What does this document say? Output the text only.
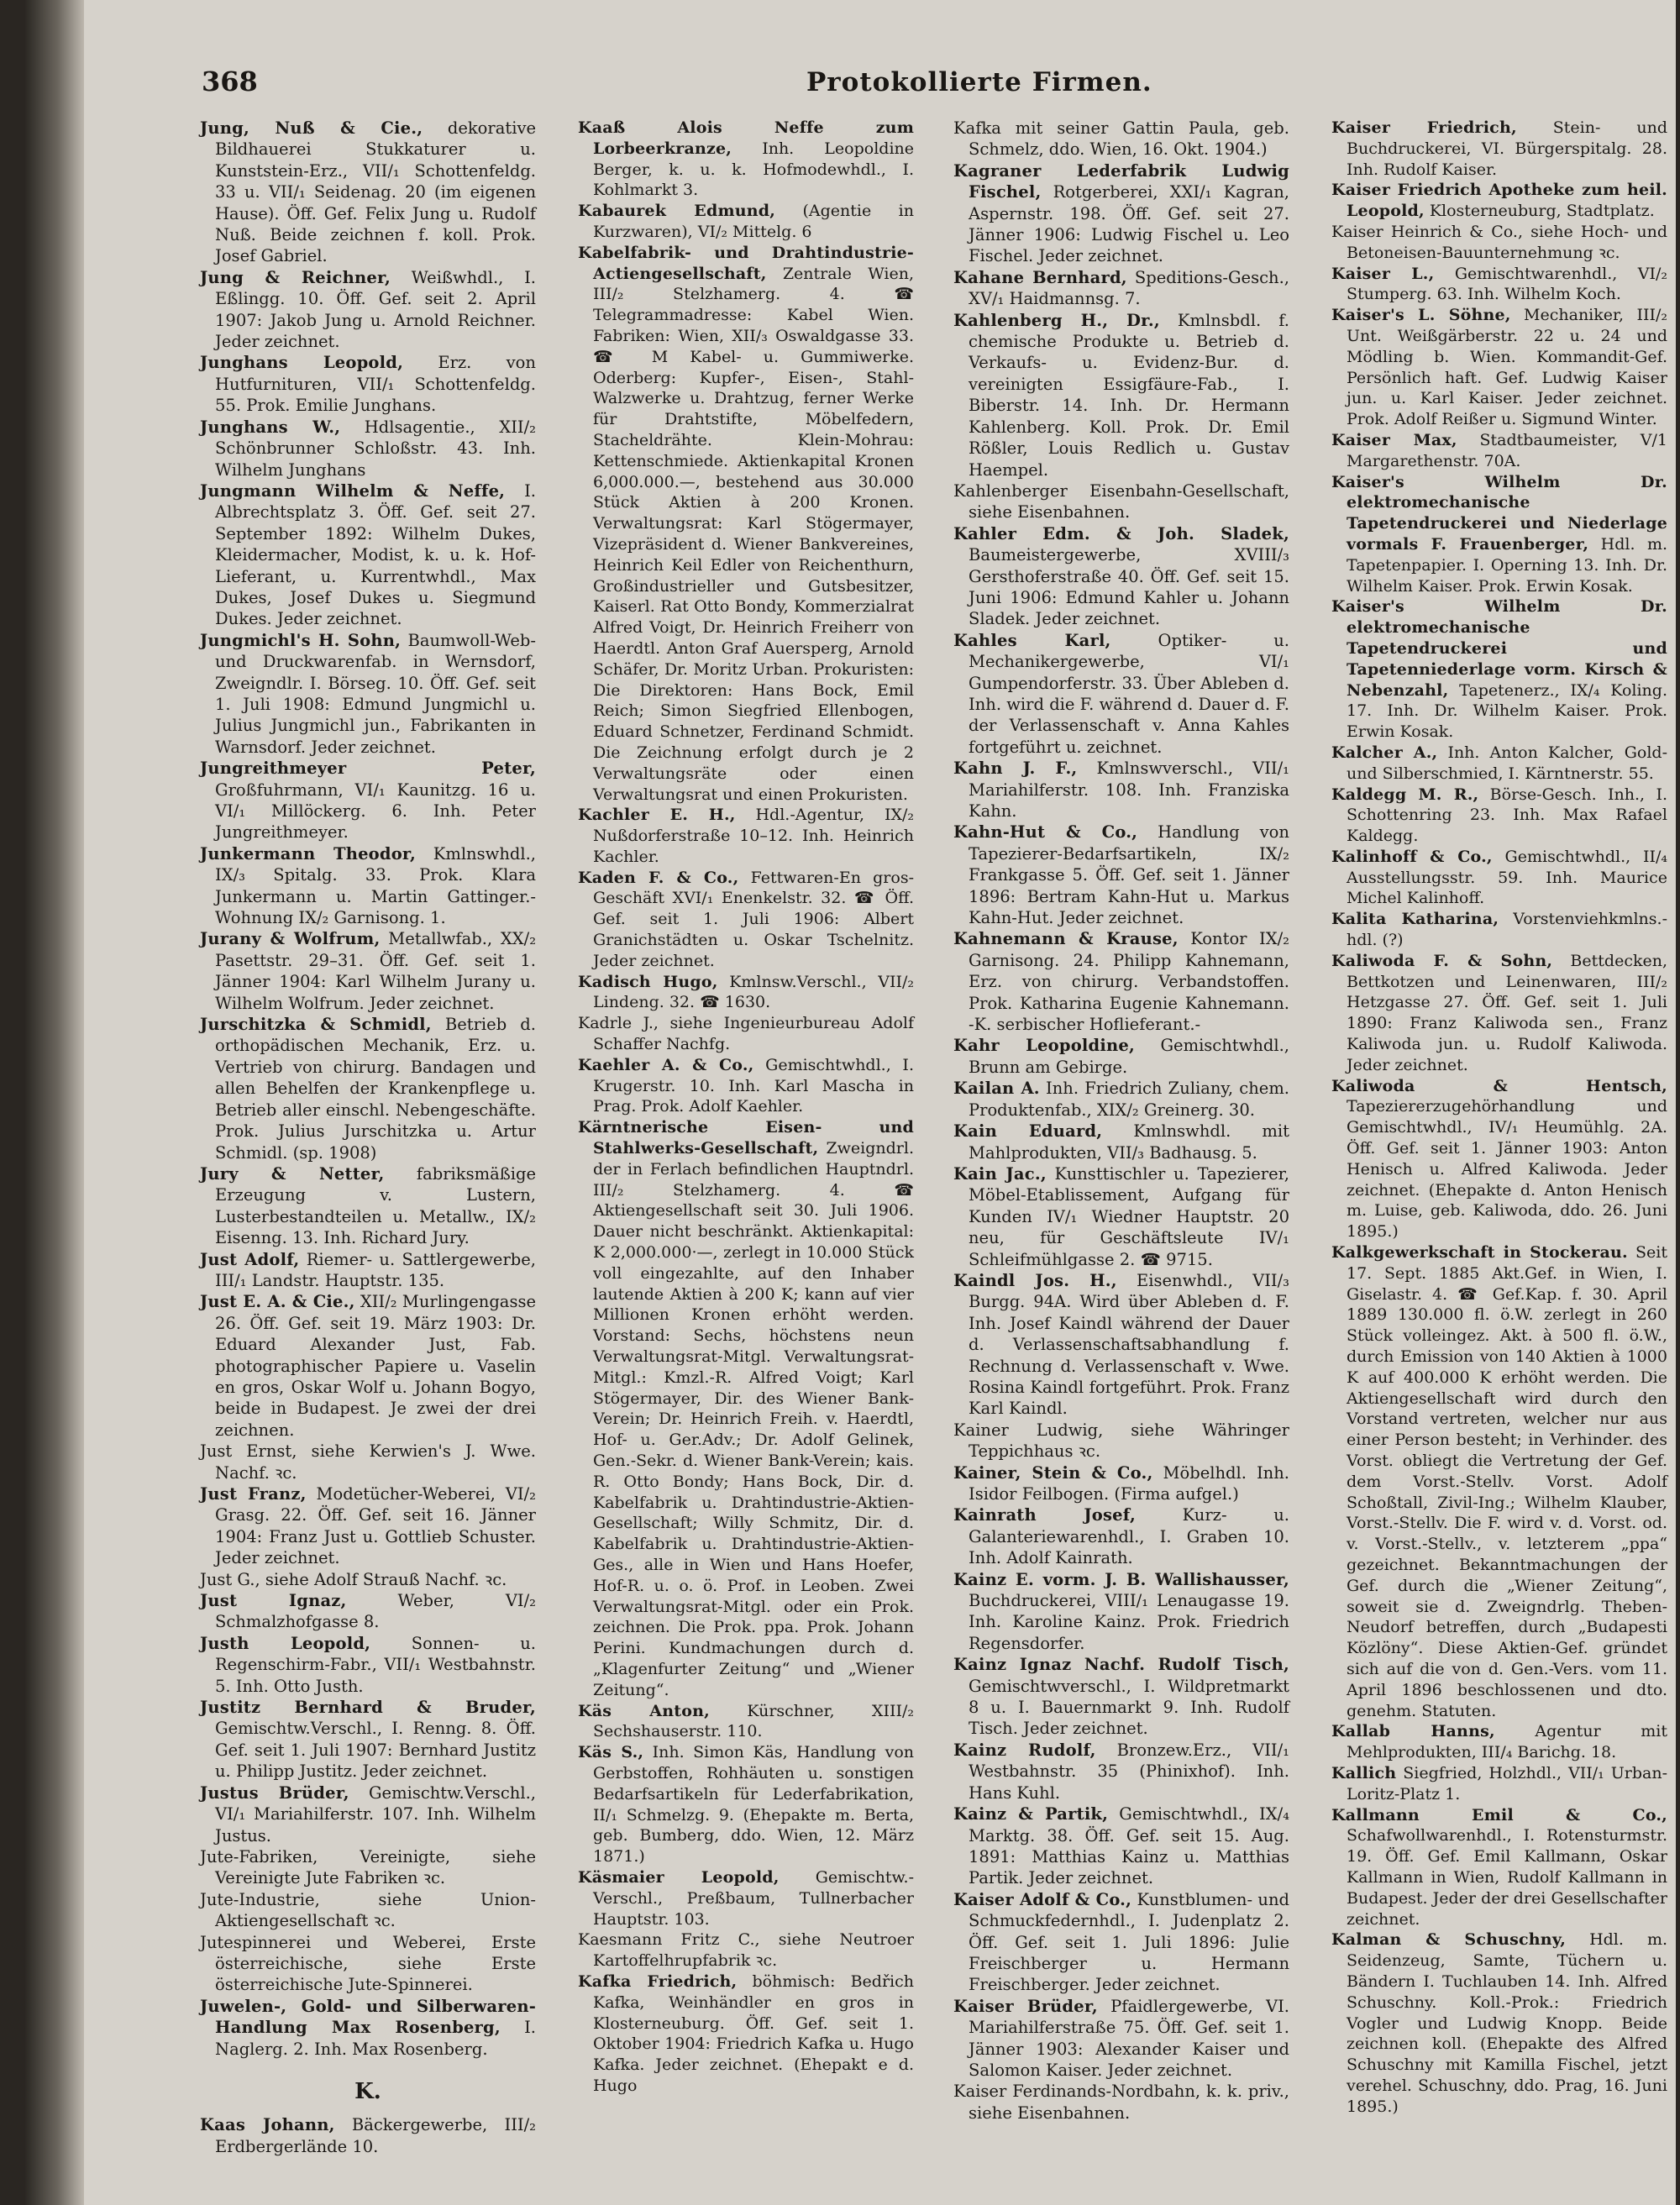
368	Protokollierte Firmen.

Jung, Nuß & Cie., dekorative Bildhauerei Stukkaturer u. Kunststein-Erz., VII/₁ Schottenfeldg. 33 u. VII/₁ Seidenag. 20 (im eigenen Hause). Öff. Gef. Felix Jung u. Rudolf Nuß. Beide zeichnen f. koll. Prok. Josef Gabriel.

Jung & Reichner, Weißwhdl., I. Eßlingg. 10. Öff. Gef. seit 2. April 1907: Jakob Jung u. Arnold Reichner. Jeder zeichnet.

Junghans Leopold, Erz. von Hutfurnituren, VII/₁ Schottenfeldg. 55. Prok. Emilie Junghans.

Junghans W., Hdlsagentie., XII/₂ Schönbrunner Schloßstr. 43. Inh. Wilhelm Junghans

Jungmann Wilhelm & Neffe, I. Albrechtsplatz 3. Öff. Gef. seit 27. September 1892: Wilhelm Dukes, Kleidermacher, Modist, k. u. k. Hof-Lieferant, u. Kurrentwhdl., Max Dukes, Josef Dukes u. Siegmund Dukes. Jeder zeichnet.

Jungmichl's H. Sohn, Baumwoll-Web- und Druckwarenfab. in Wernsdorf, Zweigndlr. I. Börseg. 10. Öff. Gef. seit 1. Juli 1908: Edmund Jungmichl u. Julius Jungmichl jun., Fabrikanten in Warnsdorf. Jeder zeichnet.

Jungreithmeyer Peter, Großfuhrmann, VI/₁ Kaunitzg. 16 u. VI/₁ Millöckerg. 6. Inh. Peter Jungreithmeyer.

Junkermann Theodor, Kmlnswhdl., IX/₃ Spitalg. 33. Prok. Klara Junkermann u. Martin Gattinger.-Wohnung IX/₂ Garnisong. 1.

Jurany & Wolfrum, Metallwfab., XX/₂ Pasettstr. 29–31. Öff. Gef. seit 1. Jänner 1904: Karl Wilhelm Jurany u. Wilhelm Wolfrum. Jeder zeichnet.

Jurschitzka & Schmidl, Betrieb d. orthopädischen Mechanik, Erz. u. Vertrieb von chirurg. Bandagen und allen Behelfen der Krankenpflege u. Betrieb aller einschl. Nebengeschäfte. Prok. Julius Jurschitzka u. Artur Schmidl. (sp. 1908)

Jury & Netter, fabriksmäßige Erzeugung v. Lustern, Lusterbestandteilen u. Metallw., IX/₂ Eisenng. 13. Inh. Richard Jury.

Just Adolf, Riemer- u. Sattlergewerbe, III/₁ Landstr. Hauptstr. 135.

Just E. A. & Cie., XII/₂ Murlingengasse 26. Öff. Gef. seit 19. März 1903: Dr. Eduard Alexander Just, Fab. photographischer Papiere u. Vaselin en gros, Oskar Wolf u. Johann Bogyo, beide in Budapest. Je zwei der drei zeichnen.

Just Ernst, siehe Kerwien's J. Wwe. Nachf. ꝛc.

Just Franz, Modetücher-Weberei, VI/₂ Grasg. 22. Öff. Gef. seit 16. Jänner 1904: Franz Just u. Gottlieb Schuster. Jeder zeichnet.

Just G., siehe Adolf Strauß Nachf. ꝛc.

Just Ignaz, Weber, VI/₂ Schmalzhofgasse 8.

Justh Leopold, Sonnen- u. Regenschirm-Fabr., VII/₁ Westbahnstr. 5. Inh. Otto Justh.

Justitz Bernhard & Bruder, Gemischtw.Verschl., I. Renng. 8. Öff. Gef. seit 1. Juli 1907: Bernhard Justitz u. Philipp Justitz. Jeder zeichnet.

Justus Brüder, Gemischtw.Verschl., VI/₁ Mariahilferstr. 107. Inh. Wilhelm Justus.

Jute-Fabriken, Vereinigte, siehe Vereinigte Jute Fabriken ꝛc.

Jute-Industrie, siehe Union-Aktiengesellschaft ꝛc.

Jutespinnerei und Weberei, Erste österreichische, siehe Erste österreichische Jute-Spinnerei.

Juwelen-, Gold- und Silberwaren-Handlung Max Rosenberg, I. Naglerg. 2. Inh. Max Rosenberg.

K.

Kaas Johann, Bäckergewerbe, III/₂ Erdbergerlände 10.

Kaaß Alois Neffe zum Lorbeerkranze, Inh. Leopoldine Berger, k. u. k. Hofmodewhdl., I. Kohlmarkt 3.

Kabaurek Edmund, (Agentie in Kurzwaren), VI/₂ Mittelg. 6

Kabelfabrik- und Drahtindustrie-Actiengesellschaft, Zentrale Wien, III/₂ Stelzhamerg. 4. ☎ Telegrammadresse: Kabel Wien. Fabriken: Wien, XII/₃ Oswaldgasse 33. ☎ M Kabel- u. Gummiwerke. Oderberg: Kupfer-, Eisen-, Stahl-Walzwerke u. Drahtzug, ferner Werke für Drahtstifte, Möbelfedern, Stacheldrähte. Klein-Mohrau: Kettenschmiede. Aktienkapital Kronen 6,000.000.—, bestehend aus 30.000 Stück Aktien à 200 Kronen. Verwaltungsrat: Karl Stögermayer, Vizepräsident d. Wiener Bankvereines, Heinrich Keil Edler von Reichenthurn, Großindustrieller und Gutsbesitzer, Kaiserl. Rat Otto Bondy, Kommerzialrat Alfred Voigt, Dr. Heinrich Freiherr von Haerdtl. Anton Graf Auersperg, Arnold Schäfer, Dr. Moritz Urban. Prokuristen: Die Direktoren: Hans Bock, Emil Reich; Simon Siegfried Ellenbogen, Eduard Schnetzer, Ferdinand Schmidt. Die Zeichnung erfolgt durch je 2 Verwaltungsräte oder einen Verwaltungsrat und einen Prokuristen.

Kachler E. H., Hdl.-Agentur, IX/₂ Nußdorferstraße 10–12. Inh. Heinrich Kachler.

Kaden F. & Co., Fettwaren-En gros-Geschäft XVI/₁ Enenkelstr. 32. ☎ Öff. Gef. seit 1. Juli 1906: Albert Granichstädten u. Oskar Tschelnitz. Jeder zeichnet.

Kadisch Hugo, Kmlnsw.Verschl., VII/₂ Lindeng. 32. ☎ 1630.

Kadrle J., siehe Ingenieurbureau Adolf Schaffer Nachfg.

Kaehler A. & Co., Gemischtwhdl., I. Krugerstr. 10. Inh. Karl Mascha in Prag. Prok. Adolf Kaehler.

Kärntnerische Eisen- und Stahlwerks-Gesellschaft, Zweigndrl. der in Ferlach befindlichen Hauptndrl. III/₂ Stelzhamerg. 4. ☎ Aktiengesellschaft seit 30. Juli 1906. Dauer nicht beschränkt. Aktienkapital: K 2,000.000·—, zerlegt in 10.000 Stück voll eingezahlte, auf den Inhaber lautende Aktien à 200 K; kann auf vier Millionen Kronen erhöht werden. Vorstand: Sechs, höchstens neun Verwaltungsrat-Mitgl. Verwaltungsrat-Mitgl.: Kmzl.-R. Alfred Voigt; Karl Stögermayer, Dir. des Wiener Bank-Verein; Dr. Heinrich Freih. v. Haerdtl, Hof- u. Ger.Adv.; Dr. Adolf Gelinek, Gen.-Sekr. d. Wiener Bank-Verein; kais. R. Otto Bondy; Hans Bock, Dir. d. Kabelfabrik u. Drahtindustrie-Aktien-Gesellschaft; Willy Schmitz, Dir. d. Kabelfabrik u. Drahtindustrie-Aktien-Ges., alle in Wien und Hans Hoefer, Hof-R. u. o. ö. Prof. in Leoben. Zwei Verwaltungsrat-Mitgl. oder ein Prok. zeichnen. Die Prok. ppa. Prok. Johann Perini. Kundmachungen durch d. „Klagenfurter Zeitung“ und „Wiener Zeitung“.

Käs Anton, Kürschner, XIII/₂ Sechshauserstr. 110.

Käs S., Inh. Simon Käs, Handlung von Gerbstoffen, Rohhäuten u. sonstigen Bedarfsartikeln für Lederfabrikation, II/₁ Schmelzg. 9. (Ehepakte m. Berta, geb. Bumberg, ddo. Wien, 12. März 1871.)

Käsmaier Leopold, Gemischtw.-Verschl., Preßbaum, Tullnerbacher Hauptstr. 103.

Kaesmann Fritz C., siehe Neutroer Kartoffelhrupfabrik ꝛc.

Kafka Friedrich, böhmisch: Bedřich Kafka, Weinhändler en gros in Klosterneuburg. Öff. Gef. seit 1. Oktober 1904: Friedrich Kafka u. Hugo Kafka. Jeder zeichnet. (Ehepakt e d. Hugo

Kafka mit seiner Gattin Paula, geb. Schmelz, ddo. Wien, 16. Okt. 1904.)

Kagraner Lederfabrik Ludwig Fischel, Rotgerberei, XXI/₁ Kagran, Aspernstr. 198. Öff. Gef. seit 27. Jänner 1906: Ludwig Fischel u. Leo Fischel. Jeder zeichnet.

Kahane Bernhard, Speditions-Gesch., XV/₁ Haidmannsg. 7.

Kahlenberg H., Dr., Kmlnsbdl. f. chemische Produkte u. Betrieb d. Verkaufs- u. Evidenz-Bur. d. vereinigten Essigfäure-Fab., I. Biberstr. 14. Inh. Dr. Hermann Kahlenberg. Koll. Prok. Dr. Emil Rößler, Louis Redlich u. Gustav Haempel.

Kahlenberger Eisenbahn-Gesellschaft, siehe Eisenbahnen.

Kahler Edm. & Joh. Sladek, Baumeistergewerbe, XVIII/₃ Gersthoferstraße 40. Öff. Gef. seit 15. Juni 1906: Edmund Kahler u. Johann Sladek. Jeder zeichnet.

Kahles Karl, Optiker- u. Mechanikergewerbe, VI/₁ Gumpendorferstr. 33. Über Ableben d. Inh. wird die F. während d. Dauer d. F. der Verlassenschaft v. Anna Kahles fortgeführt u. zeichnet.

Kahn J. F., Kmlnswverschl., VII/₁ Mariahilferstr. 108. Inh. Franziska Kahn.

Kahn-Hut & Co., Handlung von Tapezierer-Bedarfsartikeln, IX/₂ Frankgasse 5. Öff. Gef. seit 1. Jänner 1896: Bertram Kahn-Hut u. Markus Kahn-Hut. Jeder zeichnet.

Kahnemann & Krause, Kontor IX/₂ Garnisong. 24. Philipp Kahnemann, Erz. von chirurg. Verbandstoffen. Prok. Katharina Eugenie Kahnemann. -K. serbischer Hoflieferant.-

Kahr Leopoldine, Gemischtwhdl., Brunn am Gebirge.

Kailan A. Inh. Friedrich Zuliany, chem. Produktenfab., XIX/₂ Greinerg. 30.

Kain Eduard, Kmlnswhdl. mit Mahlprodukten, VII/₃ Badhausg. 5.

Kain Jac., Kunsttischler u. Tapezierer, Möbel-Etablissement, Aufgang für Kunden IV/₁ Wiedner Hauptstr. 20 neu, für Geschäftsleute IV/₁ Schleifmühlgasse 2. ☎ 9715.

Kaindl Jos. H., Eisenwhdl., VII/₃ Burgg. 94A. Wird über Ableben d. F. Inh. Josef Kaindl während der Dauer d. Verlassenschaftsabhandlung f. Rechnung d. Verlassenschaft v. Wwe. Rosina Kaindl fortgeführt. Prok. Franz Karl Kaindl.

Kainer Ludwig, siehe Währinger Teppichhaus ꝛc.

Kainer, Stein & Co., Möbelhdl. Inh. Isidor Feilbogen. (Firma aufgel.)

Kainrath Josef, Kurz- u. Galanteriewarenhdl., I. Graben 10. Inh. Adolf Kainrath.

Kainz E. vorm. J. B. Wallishausser, Buchdruckerei, VIII/₁ Lenaugasse 19. Inh. Karoline Kainz. Prok. Friedrich Regensdorfer.

Kainz Ignaz Nachf. Rudolf Tisch, Gemischtwverschl., I. Wildpretmarkt 8 u. I. Bauernmarkt 9. Inh. Rudolf Tisch. Jeder zeichnet.

Kainz Rudolf, Bronzew.Erz., VII/₁ Westbahnstr. 35 (Phinixhof). Inh. Hans Kuhl.

Kainz & Partik, Gemischtwhdl., IX/₄ Marktg. 38. Öff. Gef. seit 15. Aug. 1891: Matthias Kainz u. Matthias Partik. Jeder zeichnet.

Kaiser Adolf & Co., Kunstblumen- und Schmuckfedernhdl., I. Judenplatz 2. Öff. Gef. seit 1. Juli 1896: Julie Freischberger u. Hermann Freischberger. Jeder zeichnet.

Kaiser Brüder, Pfaidlergewerbe, VI. Mariahilferstraße 75. Öff. Gef. seit 1. Jänner 1903: Alexander Kaiser und Salomon Kaiser. Jeder zeichnet.

Kaiser Ferdinands-Nordbahn, k. k. priv., siehe Eisenbahnen.

Kaiser Friedrich, Stein- und Buchdruckerei, VI. Bürgerspitalg. 28. Inh. Rudolf Kaiser.

Kaiser Friedrich Apotheke zum heil. Leopold, Klosterneuburg, Stadtplatz.

Kaiser Heinrich & Co., siehe Hoch- und Betoneisen-Bauunternehmung ꝛc.

Kaiser L., Gemischtwarenhdl., VI/₂ Stumperg. 63. Inh. Wilhelm Koch.

Kaiser's L. Söhne, Mechaniker, III/₂ Unt. Weißgärberstr. 22 u. 24 und Mödling b. Wien. Kommandit-Gef. Persönlich haft. Gef. Ludwig Kaiser jun. u. Karl Kaiser. Jeder zeichnet. Prok. Adolf Reißer u. Sigmund Winter.

Kaiser Max, Stadtbaumeister, V/1 Margarethenstr. 70A.

Kaiser's Wilhelm Dr. elektromechanische Tapetendruckerei und Niederlage vormals F. Frauenberger, Hdl. m. Tapetenpapier. I. Operning 13. Inh. Dr. Wilhelm Kaiser. Prok. Erwin Kosak.

Kaiser's Wilhelm Dr. elektromechanische Tapetendruckerei und Tapetenniederlage vorm. Kirsch & Nebenzahl, Tapetenerz., IX/₄ Koling. 17. Inh. Dr. Wilhelm Kaiser. Prok. Erwin Kosak.

Kalcher A., Inh. Anton Kalcher, Gold- und Silberschmied, I. Kärntnerstr. 55.

Kaldegg M. R., Börse-Gesch. Inh., I. Schottenring 23. Inh. Max Rafael Kaldegg.

Kalinhoff & Co., Gemischtwhdl., II/₄ Ausstellungsstr. 59. Inh. Maurice Michel Kalinhoff.

Kalita Katharina, Vorstenviehkmlns.-hdl. (?)

Kaliwoda F. & Sohn, Bettdecken, Bettkotzen und Leinenwaren, III/₂ Hetzgasse 27. Öff. Gef. seit 1. Juli 1890: Franz Kaliwoda sen., Franz Kaliwoda jun. u. Rudolf Kaliwoda. Jeder zeichnet.

Kaliwoda & Hentsch, Tapeziererzugehörhandlung und Gemischtwhdl., IV/₁ Heumühlg. 2A. Öff. Gef. seit 1. Jänner 1903: Anton Henisch u. Alfred Kaliwoda. Jeder zeichnet. (Ehepakte d. Anton Henisch m. Luise, geb. Kaliwoda, ddo. 26. Juni 1895.)

Kalkgewerkschaft in Stockerau. Seit 17. Sept. 1885 Akt.Gef. in Wien, I. Giselastr. 4. ☎ Gef.Kap. f. 30. April 1889 130.000 fl. ö.W. zerlegt in 260 Stück volleingez. Akt. à 500 fl. ö.W., durch Emission von 140 Aktien à 1000 K auf 400.000 K erhöht werden. Die Aktiengesellschaft wird durch den Vorstand vertreten, welcher nur aus einer Person besteht; in Verhinder. des Vorst. obliegt die Vertretung der Gef. dem Vorst.-Stellv. Vorst. Adolf Schoßtall, Zivil-Ing.; Wilhelm Klauber, Vorst.-Stellv. Die F. wird v. d. Vorst. od. v. Vorst.-Stellv., v. letzterem „ppa“ gezeichnet. Bekanntmachungen der Gef. durch die „Wiener Zeitung“, soweit sie d. Zweigndrlg. Theben-Neudorf betreffen, durch „Budapesti Közlöny“. Diese Aktien-Gef. gründet sich auf die von d. Gen.-Vers. vom 11. April 1896 beschlossenen und dto. genehm. Statuten.

Kallab Hanns, Agentur mit Mehlprodukten, III/₄ Barichg. 18.

Kallich Siegfried, Holzhdl., VII/₁ Urban-Loritz-Platz 1.

Kallmann Emil & Co., Schafwollwarenhdl., I. Rotensturmstr. 19. Öff. Gef. Emil Kallmann, Oskar Kallmann in Wien, Rudolf Kallmann in Budapest. Jeder der drei Gesellschafter zeichnet.

Kalman & Schuschny, Hdl. m. Seidenzeug, Samte, Tüchern u. Bändern I. Tuchlauben 14. Inh. Alfred Schuschny. Koll.-Prok.: Friedrich Vogler und Ludwig Knopp. Beide zeichnen koll. (Ehepakte des Alfred Schuschny mit Kamilla Fischel, jetzt verehel. Schuschny, ddo. Prag, 16. Juni 1895.)
